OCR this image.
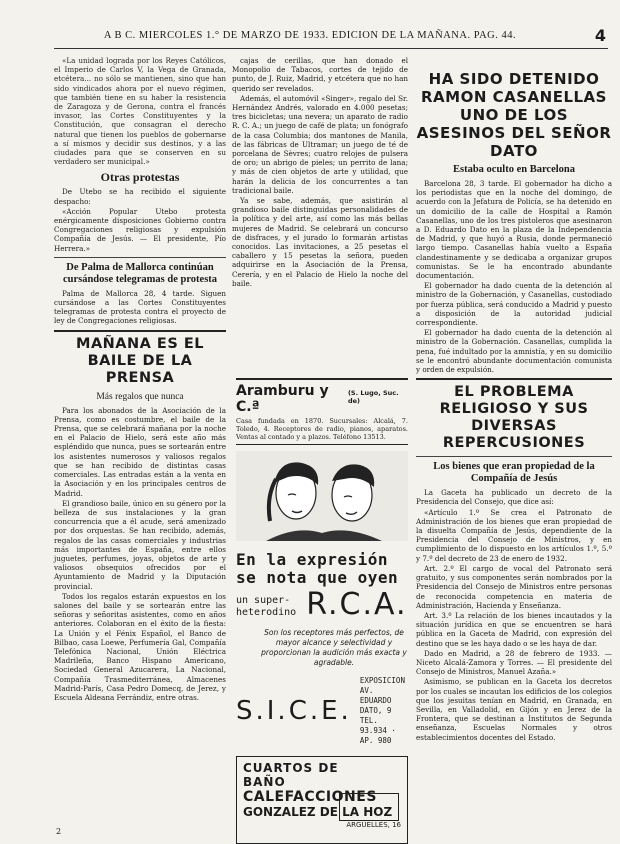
A B C. MIERCOLES 1.° DE MARZO DE 1933. EDICION DE LA MAÑANA. PAG. 44.	4

«La unidad lograda por los Reyes Católicos, el Imperio de Carlos V, la Vega de Granada, etcétera... no sólo se mantienen, sino que han sido vindicados ahora por el nuevo régimen, que también tiene en su haber la resistencia de Zaragoza y de Gerona, contra el francés invasor, las Cortes Constituyentes y la Constitución, que consagran el derecho natural que tienen los pueblos de gobernarse a sí mismos y decidir sus destinos, y a las ciudades para que se conserven en su verdadero ser municipal.»

Otras protestas

De Utebo se ha recibido el siguiente despacho:

«Acción Popular Utebo protesta enérgicamente disposiciones Gobierno contra Congregaciones religiosas y expulsión Compañía de Jesús. — El presidente, Pío Herrera.»

De Palma de Mallorca continúan cursándose telegramas de protesta

Palma de Mallorca 28, 4 tarde. Siguen cursándose a las Cortes Constituyentes telegramas de protesta contra el proyecto de ley de Congregaciones religiosas.

MAÑANA ES EL BAILE DE LA PRENSA
Más regalos que nunca

Para los abonados de la Asociación de la Prensa, como es costumbre, el baile de la Prensa, que se celebrará mañana por la noche en el Palacio de Hielo, será este año más espléndido que nunca, pues se sortearán entre los asistentes numerosos y valiosos regalos que se han recibido de distintas casas comerciales. Las entradas están a la venta en la Asociación y en los principales centros de Madrid.

El grandioso baile, único en su género por la belleza de sus instalaciones y la gran concurrencia que a él acude, será amenizado por dos orquestas. Se han recibido, además, regalos de las casas comerciales y industrias más importantes de España, entre ellos juguetes, perfumes, joyas, objetos de arte y valiosos obsequios ofrecidos por el Ayuntamiento de Madrid y la Diputación provincial.

Todos los regalos estarán expuestos en los salones del baile y se sortearán entre las señoras y señoritas asistentes, como en años anteriores. Colaboran en el éxito de la fiesta: La Unión y el Fénix Español, el Banco de Bilbao, casa Loewe, Perfumería Gal, Compañía Telefónica Nacional, Unión Eléctrica Madrileña, Banco Hispano Americano, Sociedad General Azucarera, La Nacional, Compañía Trasmediterránea, Almacenes Madrid-París, Casa Pedro Domecq, de Jerez, y Escuela Aldeana Ferrándiz, entre otras.

cajas de cerillas, que han donado el Monopolio de Tabacos, cortes de tejido de punto, de J. Ruiz, Madrid, y etcétera que no han querido ser revelados.

Además, el automóvil «Singer», regalo del Sr. Hernández Andrés, valorado en 4.000 pesetas; tres bicicletas; una nevera; un aparato de radio R. C. A.; un juego de café de plata; un fonógrafo de la casa Columbia; dos mantones de Manila, de las fábricas de Ultramar; un juego de té de porcelana de Sèvres; cuatro relojes de pulsera de oro; un abrigo de pieles; un perrito de lana; y más de cien objetos de arte y utilidad, que harán la delicia de los concurrentes a tan tradicional baile.

Ya se sabe, además, que asistirán al grandioso baile distinguidas personalidades de la política y del arte, así como las más bellas mujeres de Madrid. Se celebrará un concurso de disfraces, y el jurado lo formarán artistas conocidos. Las invitaciones, a 25 pesetas el caballero y 15 pesetas la señora, pueden adquirirse en la Asociación de la Prensa, Cerería, y en el Palacio de Hielo la noche del baile.

Aramburu y C.ª
(S. Lugo, Suc. de)
Casa fundada en 1870. Sucursales: Alcalá, 7. Toledo, 4. Receptores de radio, pianos, aparatos. Ventas al contado y a plazos. Teléfono 13513.
En la expresión
se nota que oyen
un super-
heterodino R.C.A.
Son los receptores más perfectos, de mayor alcance y selectividad y proporcionan la audición más exacta y agradable.
S.I.C.E.
EXPOSICION
AV. EDUARDO DATO, 9
TEL. 93.934 · AP. 980
CUARTOS DE
BAÑO
CALEFACCIONES
GONZALEZ DE LA HOZ
ARGÜELLES, 16
HA SIDO DETENIDO RAMON CASANELLAS UNO DE LOS ASESINOS DEL SEÑOR DATO
Estaba oculto en Barcelona

Barcelona 28, 3 tarde. El gobernador ha dicho a los periodistas que en la noche del domingo, de acuerdo con la Jefatura de Policía, se ha detenido en un domicilio de la calle de Hospital a Ramón Casanellas, uno de los tres pistoleros que asesinaron a D. Eduardo Dato en la plaza de la Independencia de Madrid, y que huyó a Rusia, donde permaneció largo tiempo. Casanellas había vuelto a España clandestinamente y se dedicaba a organizar grupos comunistas. Se le ha encontrado abundante documentación.

El gobernador ha dado cuenta de la detención al ministro de la Gobernación, y Casanellas, custodiado por fuerza pública, será conducido a Madrid y puesto a disposición de la autoridad judicial correspondiente.

El gobernador ha dado cuenta de la detención al ministro de la Gobernación. Casanellas, cumplida la pena, fué indultado por la amnistía, y en su domicilio se le encontró abundante documentación comunista y orden de expulsión.

EL PROBLEMA RELIGIOSO Y SUS DIVERSAS REPERCUSIONES
Los bienes que eran propiedad de la Compañía de Jesús

La Gaceta ha publicado un decreto de la Presidencia del Consejo, que dice así:

«Artículo 1.º Se crea el Patronato de Administración de los bienes que eran propiedad de la disuelta Compañía de Jesús, dependiente de la Presidencia del Consejo de Ministros, y en cumplimiento de lo dispuesto en los artículos 1.º, 5.º y 7.º del decreto de 23 de enero de 1932.

Art. 2.º El cargo de vocal del Patronato será gratuito, y sus componentes serán nombrados por la Presidencia del Consejo de Ministros entre personas de reconocida competencia en materia de Administración, Hacienda y Enseñanza.

Art. 3.º La relación de los bienes incautados y la situación jurídica en que se encuentren se hará pública en la Gaceta de Madrid, con expresión del destino que se les haya dado o se les haya de dar.

Dado en Madrid, a 28 de febrero de 1933. — Niceto Alcalá-Zamora y Torres. — El presidente del Consejo de Ministros, Manuel Azaña.»

Asimismo, se publican en la Gaceta los decretos por los cuales se incautan los edificios de los colegios que los jesuitas tenían en Madrid, en Granada, en Sevilla, en Valladolid, en Gijón y en Jerez de la Frontera, que se destinan a Institutos de Segunda enseñanza, Escuelas Normales y otros establecimientos docentes del Estado.

2
